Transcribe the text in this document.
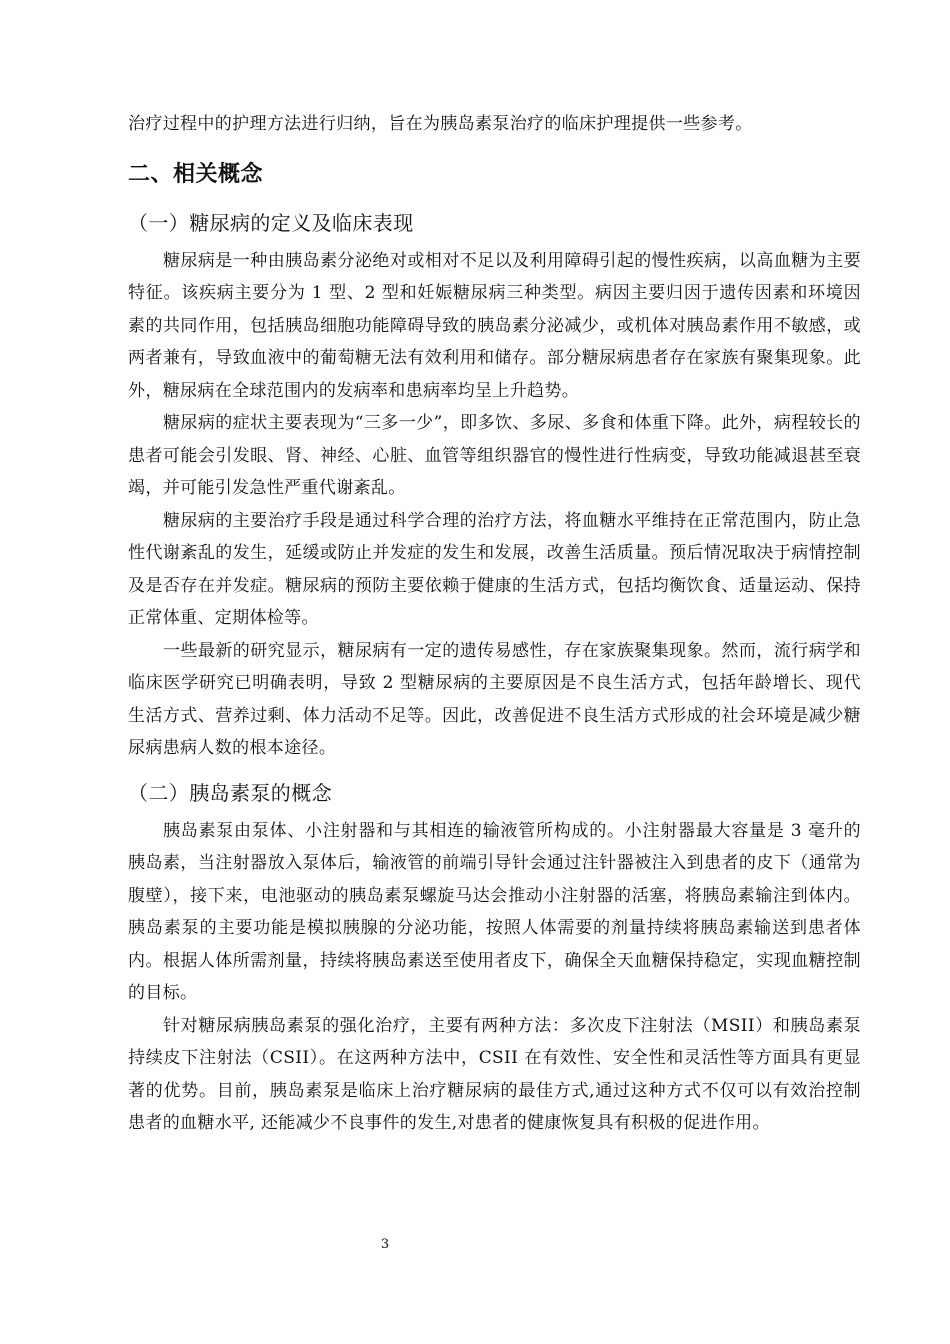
治疗过程中的护理方法进行归纳，旨在为胰岛素泵治疗的临床护理提供一些参考。

二、相关概念
（一）糖尿病的定义及临床表现

糖尿病是一种由胰岛素分泌绝对或相对不足以及利用障碍引起的慢性疾病，以高血糖为主要特征。该疾病主要分为 1 型、2 型和妊娠糖尿病三种类型。病因主要归因于遗传因素和环境因素的共同作用，包括胰岛细胞功能障碍导致的胰岛素分泌减少，或机体对胰岛素作用不敏感，或两者兼有，导致血液中的葡萄糖无法有效利用和储存。部分糖尿病患者存在家族有聚集现象。此外，糖尿病在全球范围内的发病率和患病率均呈上升趋势。

糖尿病的症状主要表现为“三多一少”，即多饮、多尿、多食和体重下降。此外，病程较长的患者可能会引发眼、肾、神经、心脏、血管等组织器官的慢性进行性病变，导致功能减退甚至衰竭，并可能引发急性严重代谢紊乱。

糖尿病的主要治疗手段是通过科学合理的治疗方法，将血糖水平维持在正常范围内，防止急性代谢紊乱的发生，延缓或防止并发症的发生和发展，改善生活质量。预后情况取决于病情控制及是否存在并发症。糖尿病的预防主要依赖于健康的生活方式，包括均衡饮食、适量运动、保持正常体重、定期体检等。

一些最新的研究显示，糖尿病有一定的遗传易感性，存在家族聚集现象。然而，流行病学和临床医学研究已明确表明，导致 2 型糖尿病的主要原因是不良生活方式，包括年龄增长、现代生活方式、营养过剩、体力活动不足等。因此，改善促进不良生活方式形成的社会环境是减少糖尿病患病人数的根本途径。

（二）胰岛素泵的概念

胰岛素泵由泵体、小注射器和与其相连的输液管所构成的。小注射器最大容量是 3 毫升的胰岛素，当注射器放入泵体后，输液管的前端引导针会通过注针器被注入到患者的皮下（通常为腹壁），接下来，电池驱动的胰岛素泵螺旋马达会推动小注射器的活塞，将胰岛素输注到体内。胰岛素泵的主要功能是模拟胰腺的分泌功能，按照人体需要的剂量持续将胰岛素输送到患者体内。根据人体所需剂量，持续将胰岛素送至使用者皮下，确保全天血糖保持稳定，实现血糖控制的目标。

针对糖尿病胰岛素泵的强化治疗，主要有两种方法：多次皮下注射法（MSII）和胰岛素泵持续皮下注射法（CSII）。在这两种方法中，CSII 在有效性、安全性和灵活性等方面具有更显著的优势。目前，胰岛素泵是临床上治疗糖尿病的最佳方式,通过这种方式不仅可以有效治控制患者的血糖水平, 还能减少不良事件的发生,对患者的健康恢复具有积极的促进作用。

3
